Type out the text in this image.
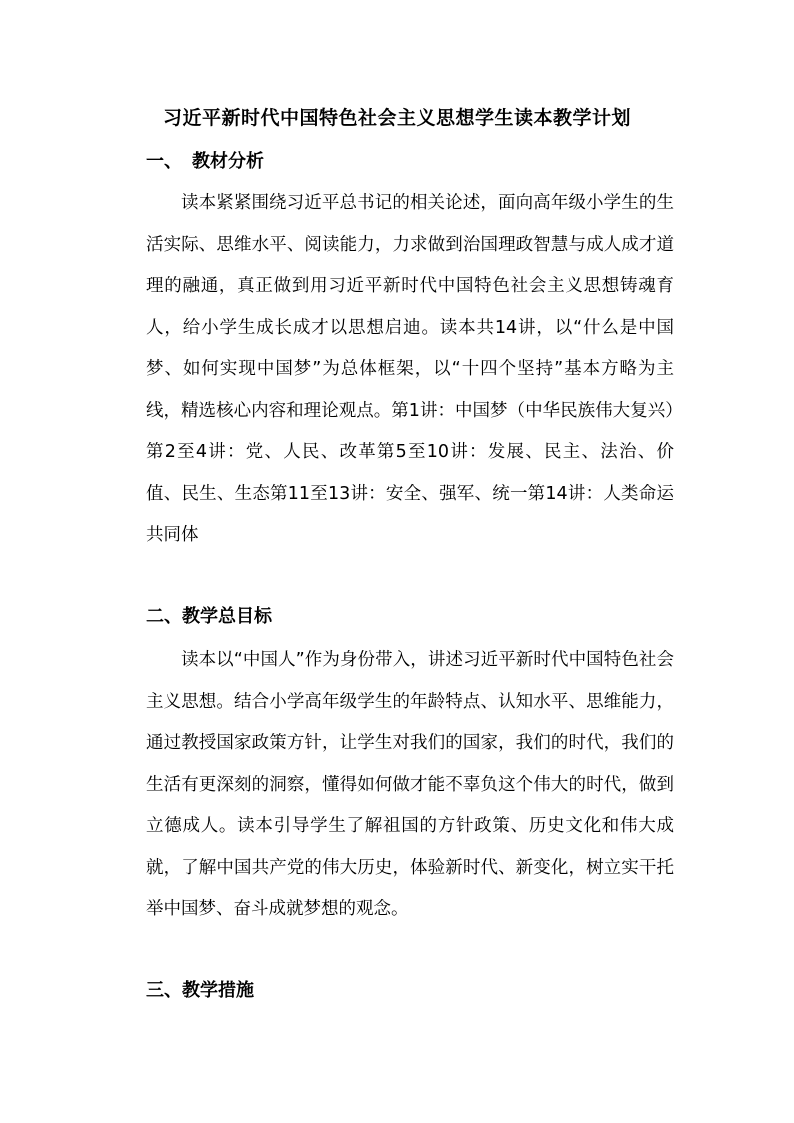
习近平新时代中国特色社会主义思想学生读本教学计划
一、 教材分析

读本紧紧围绕习近平总书记的相关论述，面向高年级小学生的生活实际、思维水平、阅读能力，力求做到治国理政智慧与成人成才道理的融通，真正做到用习近平新时代中国特色社会主义思想铸魂育人，给小学生成长成才以思想启迪。读本共14讲，以“什么是中国梦、如何实现中国梦”为总体框架，以“十四个坚持”基本方略为主线，精选核心内容和理论观点。第1讲：中国梦（中华民族伟大复兴）第2至4讲：党、人民、改革第5至10讲：发展、民主、法治、价值、民生、生态第11至13讲：安全、强军、统一第14讲：人类命运共同体

二、教学总目标

读本以“中国人”作为身份带入，讲述习近平新时代中国特色社会主义思想。结合小学高年级学生的年龄特点、认知水平、思维能力，通过教授国家政策方针，让学生对我们的国家，我们的时代，我们的生活有更深刻的洞察，懂得如何做才能不辜负这个伟大的时代，做到立德成人。读本引导学生了解祖国的方针政策、历史文化和伟大成就，了解中国共产党的伟大历史，体验新时代、新变化，树立实干托举中国梦、奋斗成就梦想的观念。

三、教学措施
